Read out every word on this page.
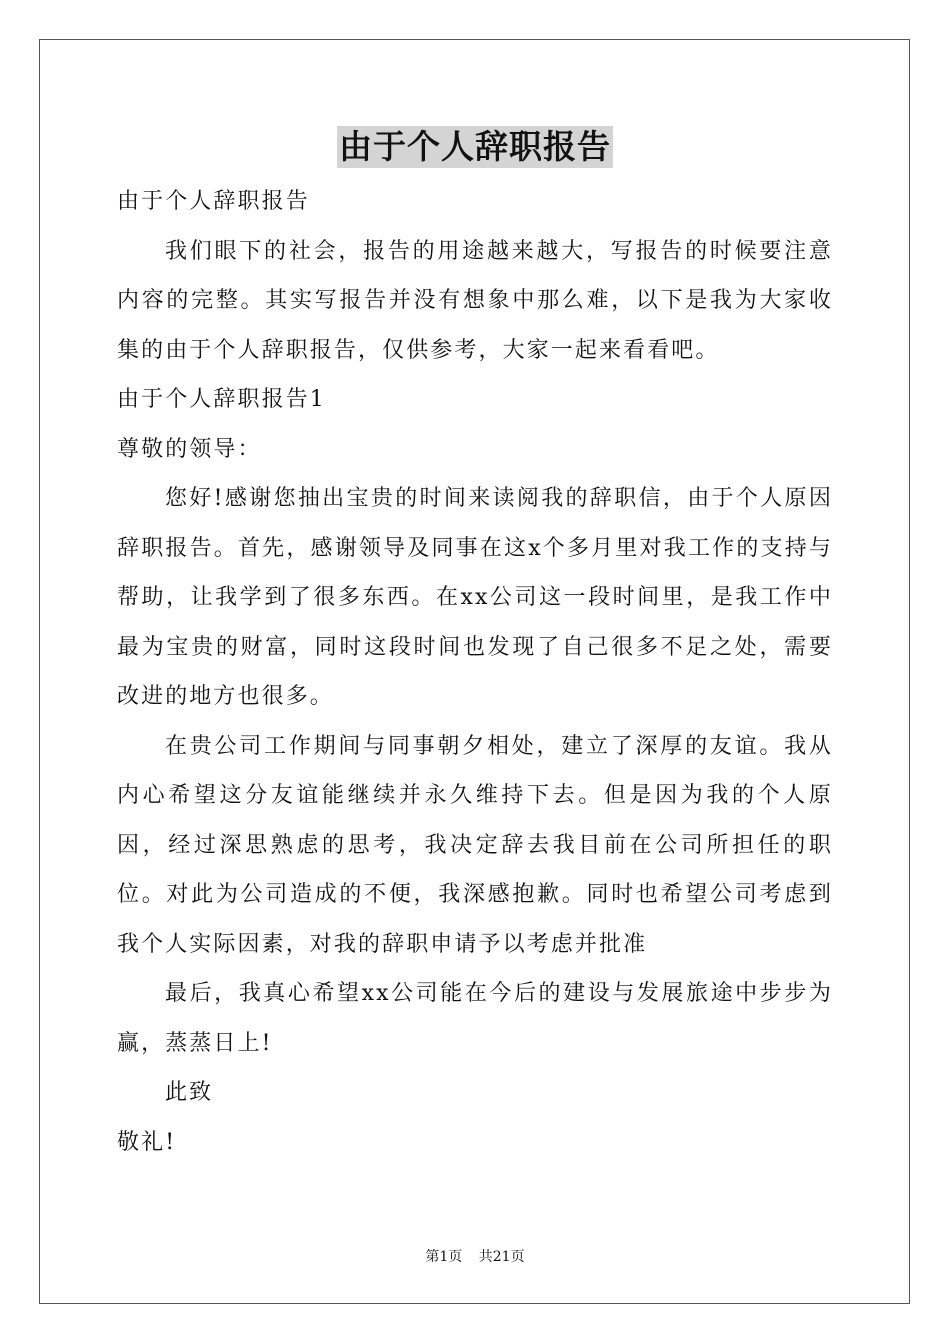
由于个人辞职报告

由于个人辞职报告

我们眼下的社会，报告的用途越来越大，写报告的时候要注意内容的完整。其实写报告并没有想象中那么难，以下是我为大家收集的由于个人辞职报告，仅供参考，大家一起来看看吧。

由于个人辞职报告1

尊敬的领导：

您好!感谢您抽出宝贵的时间来读阅我的辞职信，由于个人原因辞职报告。首先，感谢领导及同事在这x个多月里对我工作的支持与帮助，让我学到了很多东西。在xx公司这一段时间里，是我工作中最为宝贵的财富，同时这段时间也发现了自己很多不足之处，需要改进的地方也很多。

在贵公司工作期间与同事朝夕相处，建立了深厚的友谊。我从内心希望这分友谊能继续并永久维持下去。但是因为我的个人原因，经过深思熟虑的思考，我决定辞去我目前在公司所担任的职位。对此为公司造成的不便，我深感抱歉。同时也希望公司考虑到我个人实际因素，对我的辞职申请予以考虑并批准

最后，我真心希望xx公司能在今后的建设与发展旅途中步步为赢，蒸蒸日上!

此致

敬礼!

第1页 共21页
